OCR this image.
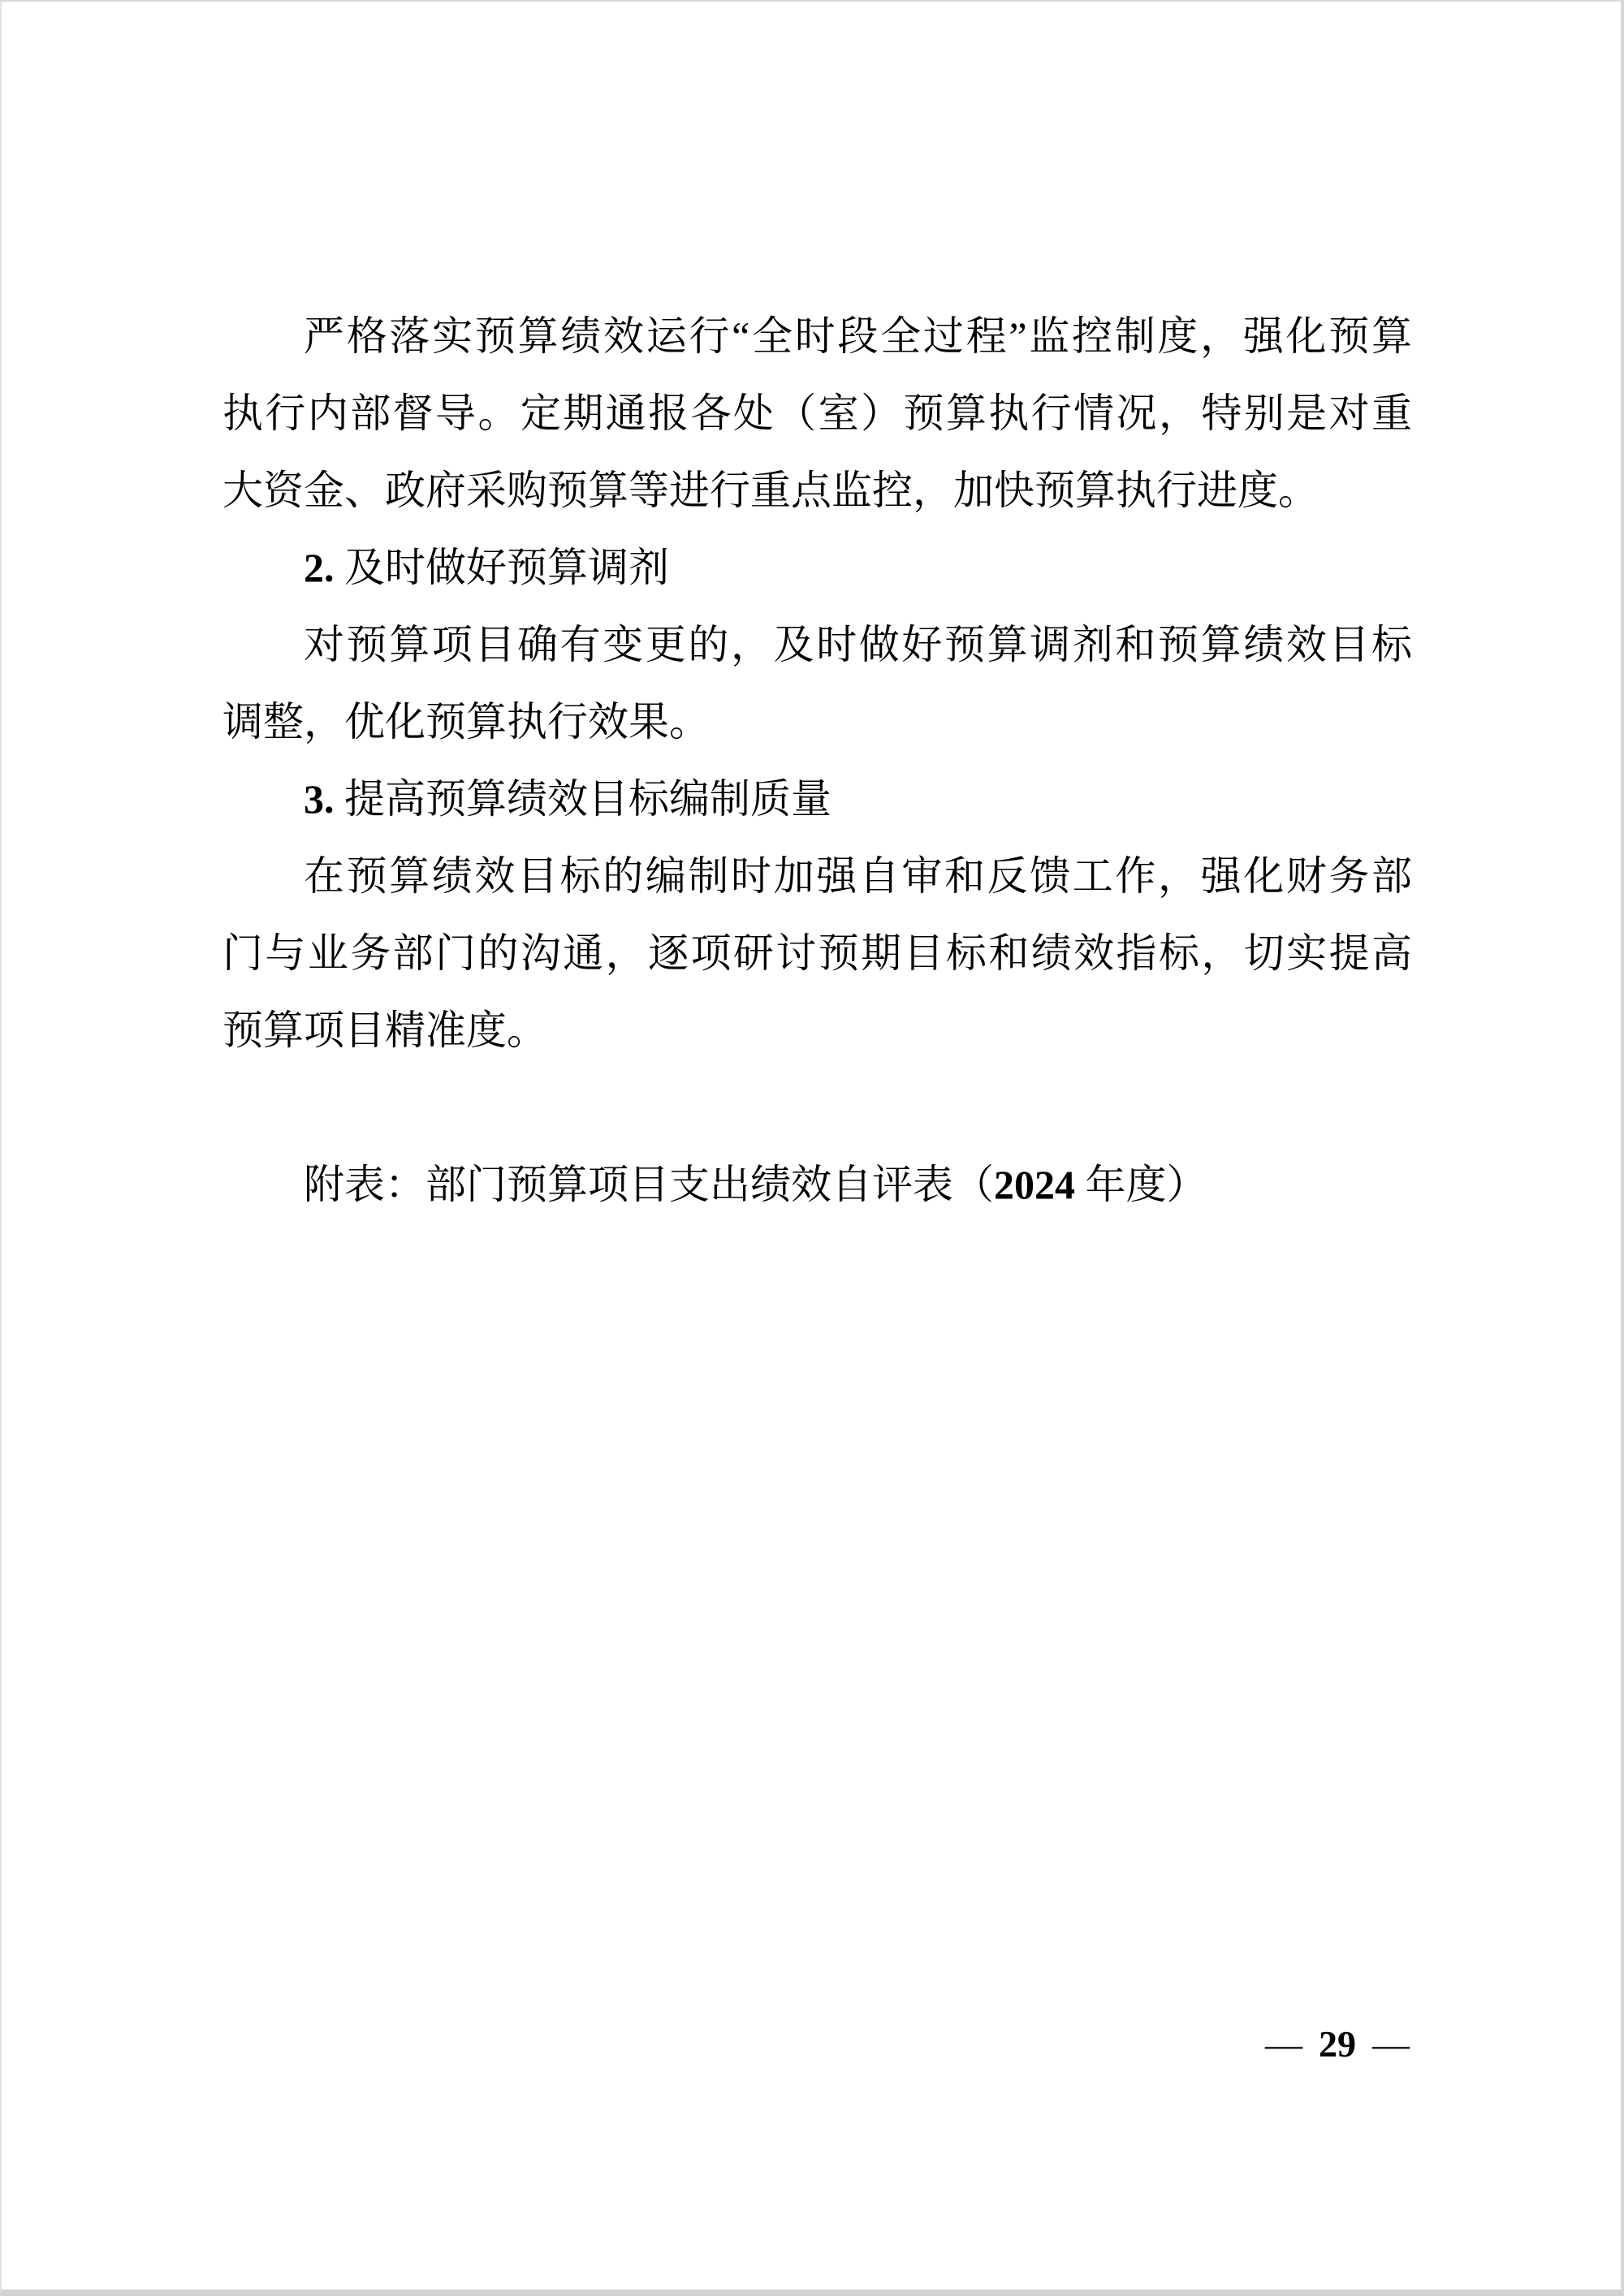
严格落实预算绩效运行“全时段全过程”监控制度，强化预算
执行内部督导。定期通报各处（室）预算执行情况，特别是对重
大资金、政府采购预算等进行重点监控，加快预算执行进度。
2. 及时做好预算调剂
对预算项目确有变更的，及时做好预算调剂和预算绩效目标
调整，优化预算执行效果。
3. 提高预算绩效目标编制质量
在预算绩效目标的编制时加强自审和反馈工作，强化财务部
门与业务部门的沟通，逐项研讨预期目标和绩效指标，切实提高
预算项目精准度。
附表：部门预算项目支出绩效自评表（2024 年度）
— 29 —
